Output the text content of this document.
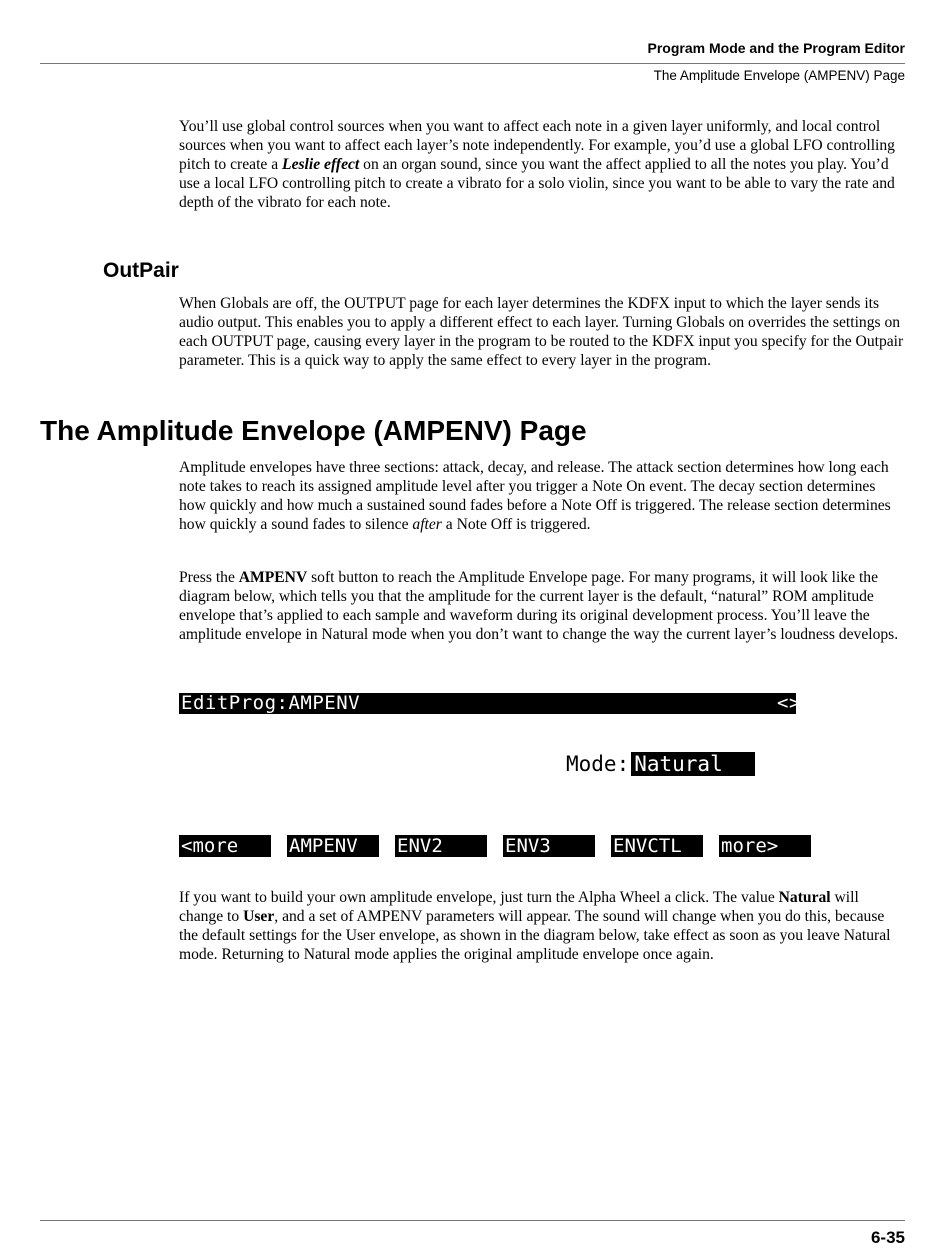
Program Mode and the Program Editor
The Amplitude Envelope (AMPENV) Page

You’ll use global control sources when you want to affect each note in a given layer uniformly, and local control sources when you want to affect each layer’s note independently. For example, you’d use a global LFO controlling pitch to create a Leslie effect on an organ sound, since you want the affect applied to all the notes you play. You’d use a local LFO controlling pitch to create a vibrato for a solo violin, since you want to be able to vary the rate and depth of the vibrato for each note.

OutPair

When Globals are off, the OUTPUT page for each layer determines the KDFX input to which the layer sends its audio output. This enables you to apply a different effect to each layer. Turning Globals on overrides the settings on each OUTPUT page, causing every layer in the program to be routed to the KDFX input you specify for the Outpair parameter. This is a quick way to apply the same effect to every layer in the program.

The Amplitude Envelope (AMPENV) Page

Amplitude envelopes have three sections: attack, decay, and release. The attack section determines how long each note takes to reach its assigned amplitude level after you trigger a Note On event. The decay section determines how quickly and how much a sustained sound fades before a Note Off is triggered. The release section determines how quickly a sound fades to silence after a Note Off is triggered.

Press the AMPENV soft button to reach the Amplitude Envelope page. For many programs, it will look like the diagram below, which tells you that the amplitude for the current layer is the default, “natural” ROM amplitude envelope that’s applied to each sample and waveform during its original development process. You’ll leave the amplitude envelope in Natural mode when you don’t want to change the way the current layer’s loudness develops.

EditProg:AMPENV	<>Layer:1/1
Mode: Natural
<more	AMPENV	ENV2	ENV3	ENVCTL	more>

If you want to build your own amplitude envelope, just turn the Alpha Wheel a click. The value Natural will change to User, and a set of AMPENV parameters will appear. The sound will change when you do this, because the default settings for the User envelope, as shown in the diagram below, take effect as soon as you leave Natural mode. Returning to Natural mode applies the original amplitude envelope once again.

6-35
